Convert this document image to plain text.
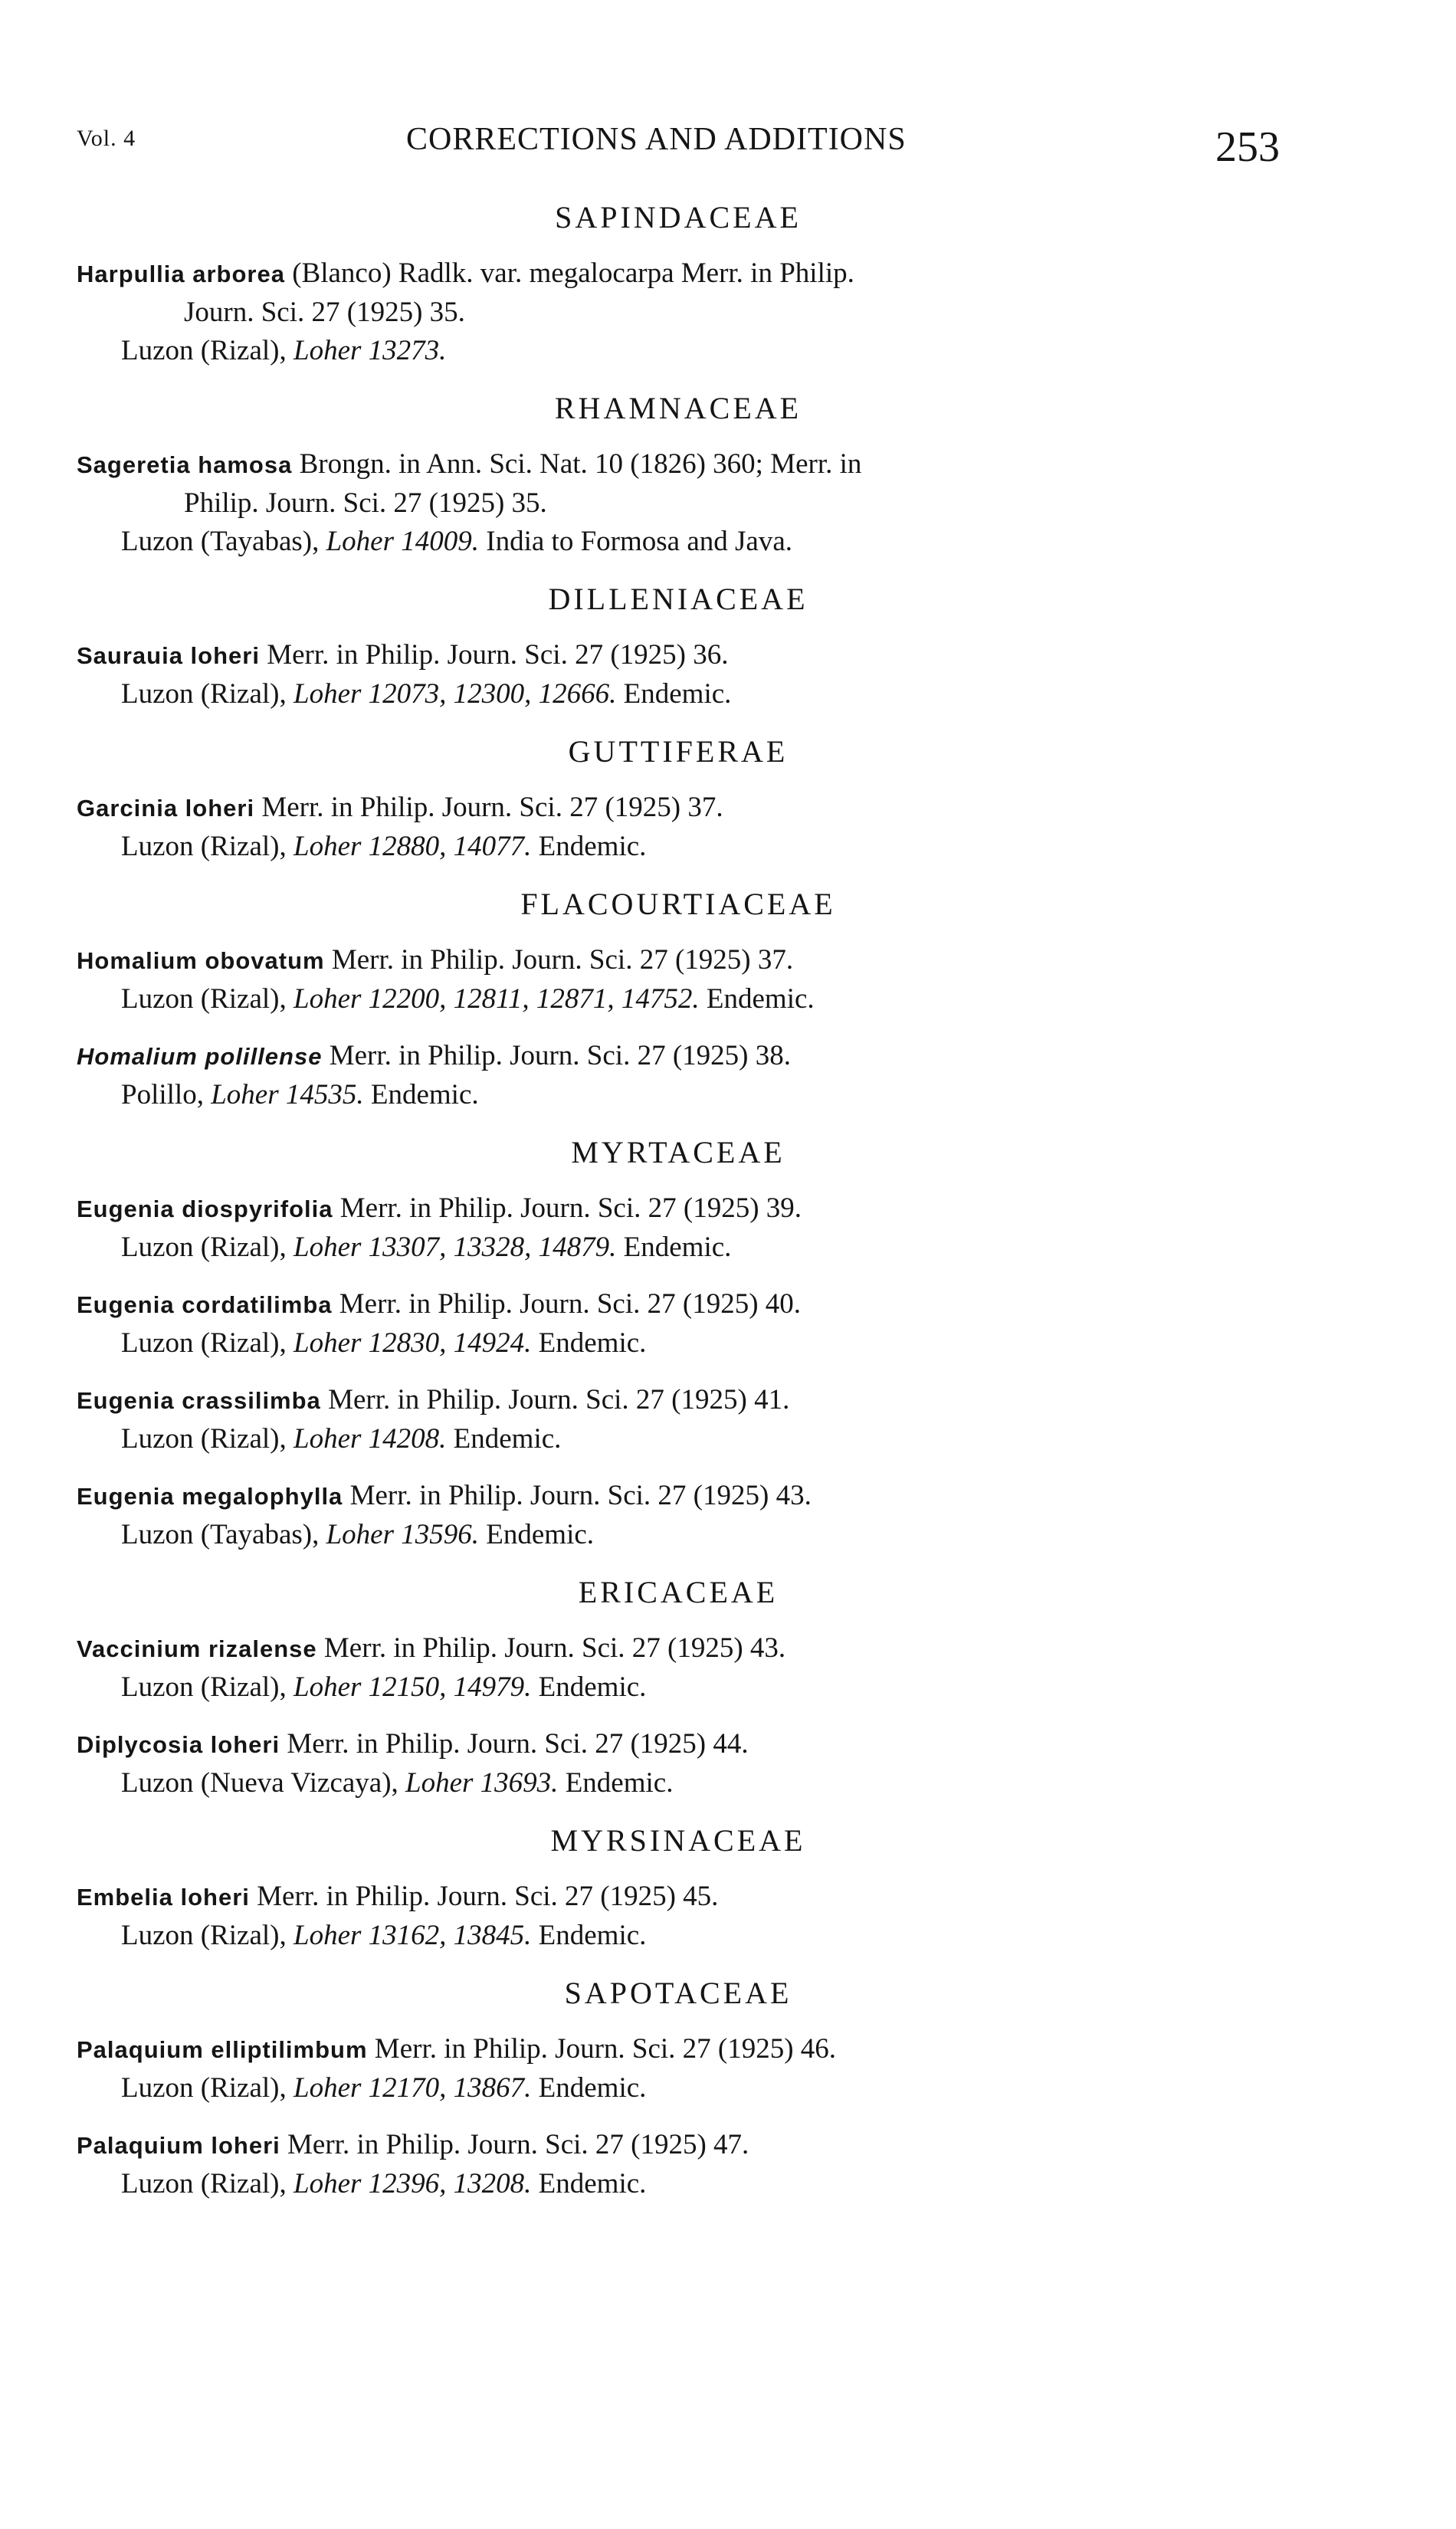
Vol. 4	CORRECTIONS AND ADDITIONS	253
SAPINDACEAE
Harpullia arborea (Blanco) Radlk. var. megalocarpa Merr. in Philip.
Journ. Sci. 27 (1925) 35.
Luzon (Rizal), Loher 13273.
RHAMNACEAE
Sageretia hamosa Brongn. in Ann. Sci. Nat. 10 (1826) 360; Merr. in
Philip. Journ. Sci. 27 (1925) 35.
Luzon (Tayabas), Loher 14009. India to Formosa and Java.
DILLENIACEAE
Saurauia loheri Merr. in Philip. Journ. Sci. 27 (1925) 36.
Luzon (Rizal), Loher 12073, 12300, 12666. Endemic.
GUTTIFERAE
Garcinia loheri Merr. in Philip. Journ. Sci. 27 (1925) 37.
Luzon (Rizal), Loher 12880, 14077. Endemic.
FLACOURTIACEAE
Homalium obovatum Merr. in Philip. Journ. Sci. 27 (1925) 37.
Luzon (Rizal), Loher 12200, 12811, 12871, 14752. Endemic.
Homalium polillense Merr. in Philip. Journ. Sci. 27 (1925) 38.
Polillo, Loher 14535. Endemic.
MYRTACEAE
Eugenia diospyrifolia Merr. in Philip. Journ. Sci. 27 (1925) 39.
Luzon (Rizal), Loher 13307, 13328, 14879. Endemic.
Eugenia cordatilimba Merr. in Philip. Journ. Sci. 27 (1925) 40.
Luzon (Rizal), Loher 12830, 14924. Endemic.
Eugenia crassilimba Merr. in Philip. Journ. Sci. 27 (1925) 41.
Luzon (Rizal), Loher 14208. Endemic.
Eugenia megalophylla Merr. in Philip. Journ. Sci. 27 (1925) 43.
Luzon (Tayabas), Loher 13596. Endemic.
ERICACEAE
Vaccinium rizalense Merr. in Philip. Journ. Sci. 27 (1925) 43.
Luzon (Rizal), Loher 12150, 14979. Endemic.
Diplycosia loheri Merr. in Philip. Journ. Sci. 27 (1925) 44.
Luzon (Nueva Vizcaya), Loher 13693. Endemic.
MYRSINACEAE
Embelia loheri Merr. in Philip. Journ. Sci. 27 (1925) 45.
Luzon (Rizal), Loher 13162, 13845. Endemic.
SAPOTACEAE
Palaquium elliptilimbum Merr. in Philip. Journ. Sci. 27 (1925) 46.
Luzon (Rizal), Loher 12170, 13867. Endemic.
Palaquium loheri Merr. in Philip. Journ. Sci. 27 (1925) 47.
Luzon (Rizal), Loher 12396, 13208. Endemic.
